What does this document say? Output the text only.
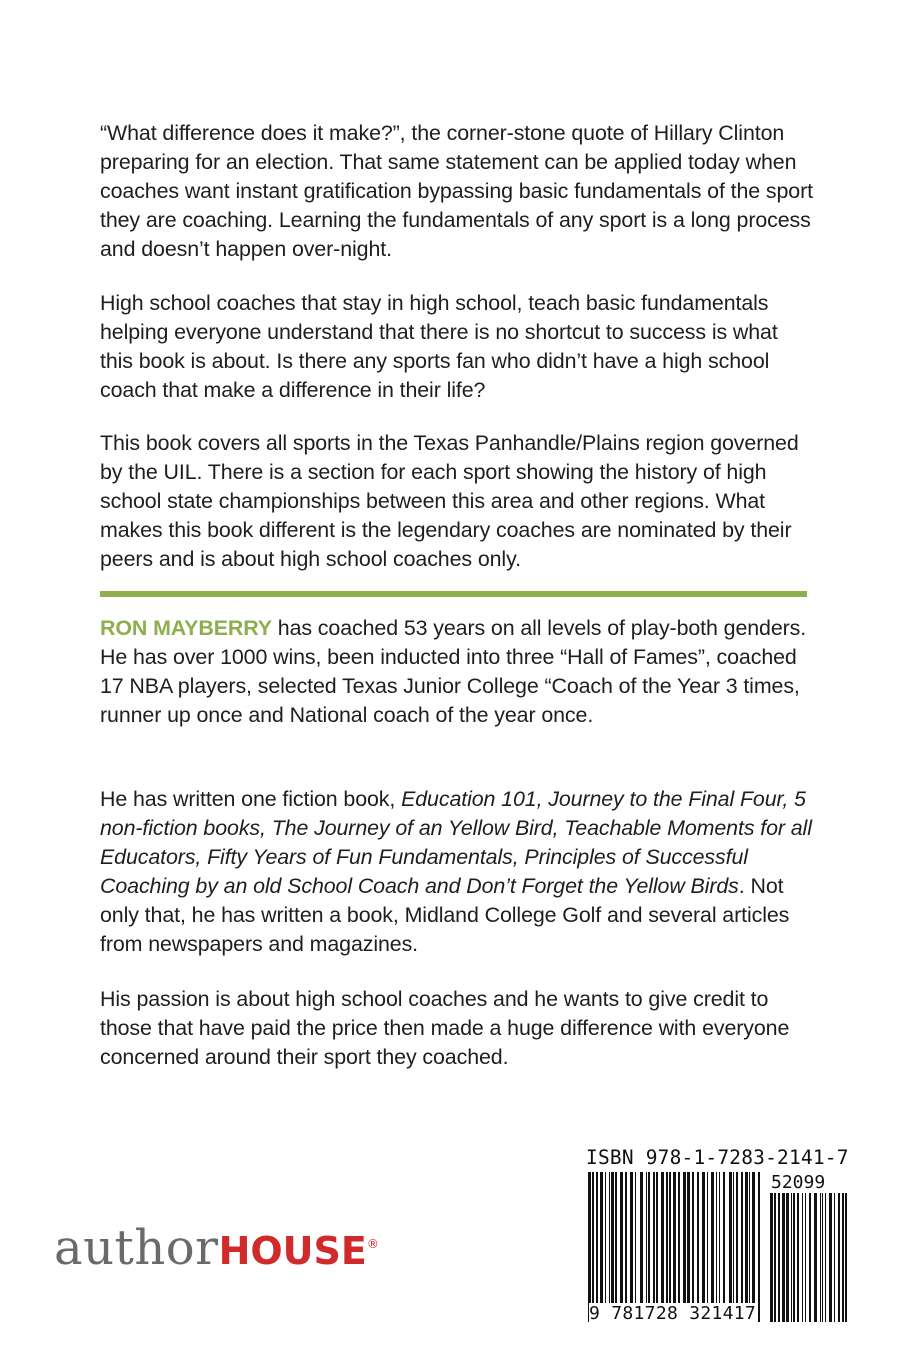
“What difference does it make?”, the corner-stone quote of Hillary Clinton preparing for an election. That same statement can be applied today when coaches want instant gratification bypassing basic fundamentals of the sport they are coaching. Learning the fundamentals of any sport is a long process and doesn’t happen over-night.

High school coaches that stay in high school, teach basic fundamentals helping everyone understand that there is no shortcut to success is what this book is about. Is there any sports fan who didn’t have a high school coach that make a difference in their life?

This book covers all sports in the Texas Panhandle/Plains region governed by the UIL. There is a section for each sport showing the history of high school state championships between this area and other regions. What makes this book different is the legendary coaches are nominated by their peers and is about high school coaches only.

RON MAYBERRY has coached 53 years on all levels of play-both genders. He has over 1000 wins, been inducted into three “Hall of Fames”, coached 17 NBA players, selected Texas Junior College “Coach of the Year 3 times, runner up once and National coach of the year once.

He has written one fiction book, Education 101, Journey to the Final Four, 5 non-fiction books, The Journey of an Yellow Bird, Teachable Moments for all Educators, Fifty Years of Fun Fundamentals, Principles of Successful Coaching by an old School Coach and Don’t Forget the Yellow Birds. Not only that, he has written a book, Midland College Golf and several articles from newspapers and magazines.

His passion is about high school coaches and he wants to give credit to those that have paid the price then made a huge difference with everyone concerned around their sport they coached.

ISBN 978-1-7283-2141-7
52099
9 781728 321417
authorHOUSE®
